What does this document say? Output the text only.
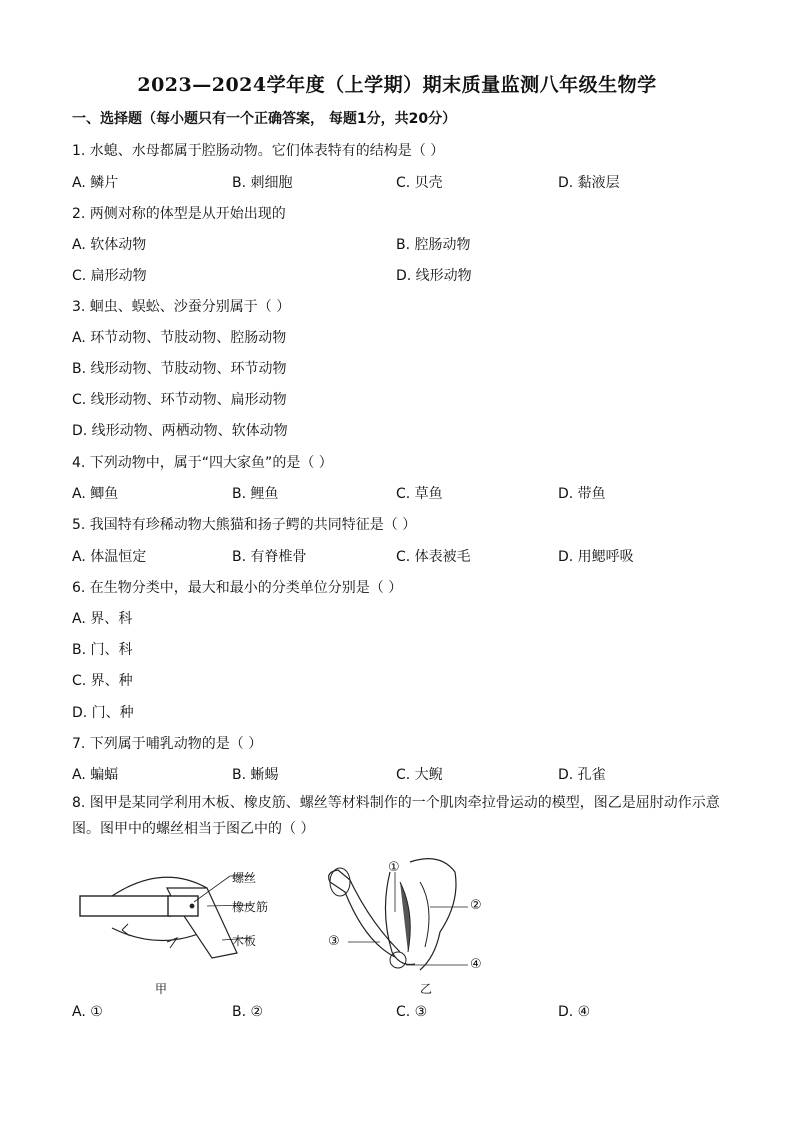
2023—2024学年度（上学期）期末质量监测八年级生物学
一、选择题（每小题只有一个正确答案， 每题1分，共20分）
1. 水螅、水母都属于腔肠动物。它们体表特有的结构是（ ）
A. 鳞片	B. 刺细胞	C. 贝壳	D. 黏液层
2. 两侧对称的体型是从开始出现的
A. 软体动物	B. 腔肠动物
C. 扁形动物	D. 线形动物
3. 蛔虫、蜈蚣、沙蚕分别属于（ ）
A. 环节动物、节肢动物、腔肠动物
B. 线形动物、节肢动物、环节动物
C. 线形动物、环节动物、扁形动物
D. 线形动物、两栖动物、软体动物
4. 下列动物中，属于“四大家鱼”的是（ ）
A. 鲫鱼	B. 鲤鱼	C. 草鱼	D. 带鱼
5. 我国特有珍稀动物大熊猫和扬子鳄的共同特征是（ ）
A. 体温恒定	B. 有脊椎骨	C. 体表被毛	D. 用鳃呼吸
6. 在生物分类中，最大和最小的分类单位分别是（ ）
A. 界、科
B. 门、科
C. 界、种
D. 门、种
7. 下列属于哺乳动物的是（ ）
A. 蝙蝠	B. 蜥蜴	C. 大鲵	D. 孔雀
8. 图甲是某同学利用木板、橡皮筋、螺丝等材料制作的一个肌肉牵拉骨运动的模型，图乙是屈肘动作示意图。图甲中的螺丝相当于图乙中的（ ）
螺丝
橡皮筋
木板
甲
①
②
③
④
乙
A. ①	B. ②	C. ③	D. ④
